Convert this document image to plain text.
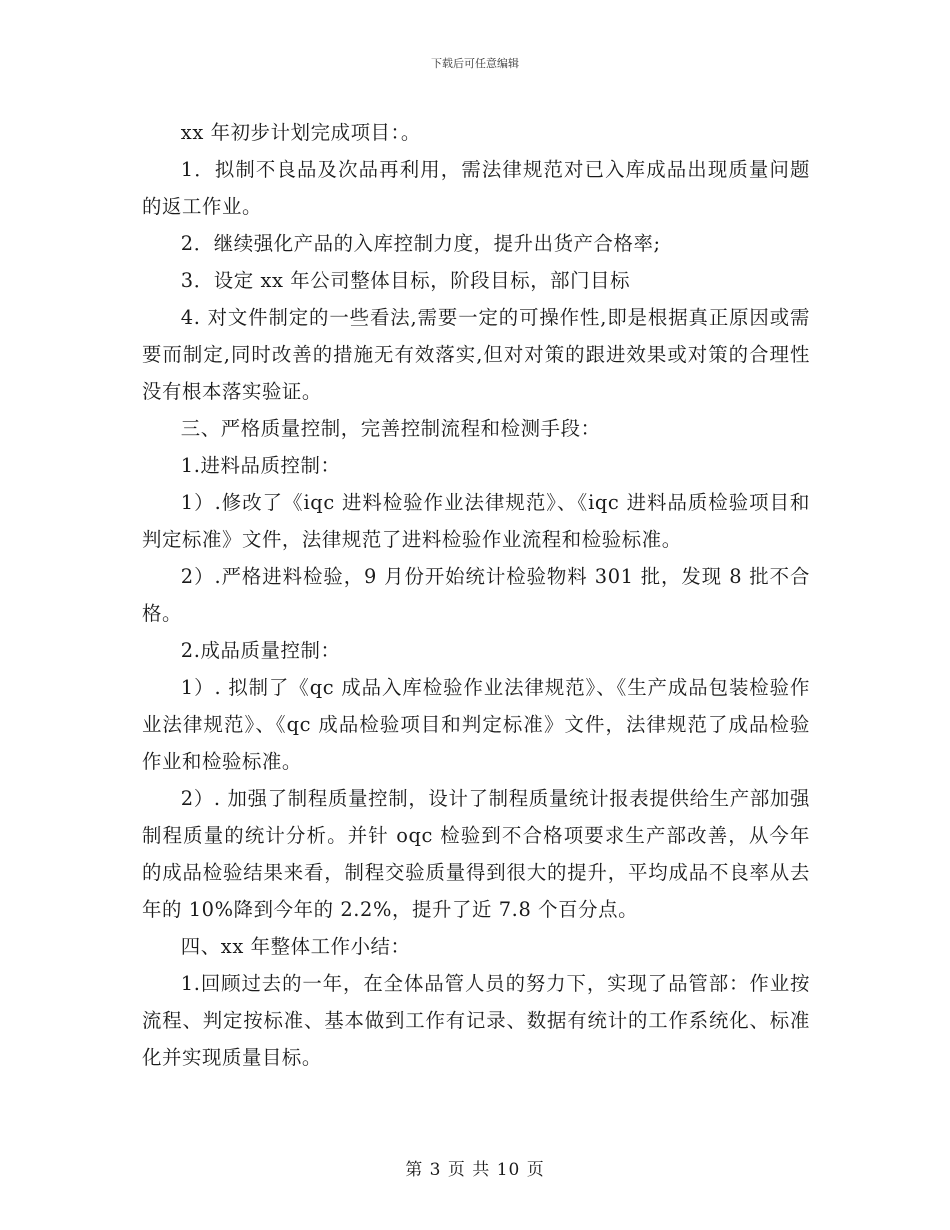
下载后可任意编辑

xx 年初步计划完成项目：。

1．拟制不良品及次品再利用，需法律规范对已入库成品出现质量问题的返工作业。

2．继续强化产品的入库控制力度，提升出货产合格率;

3．设定 xx 年公司整体目标，阶段目标，部门目标

4. 对文件制定的一些看法,需要一定的可操作性,即是根据真正原因或需要而制定,同时改善的措施无有效落实,但对对策的跟进效果或对策的合理性没有根本落实验证。

三、严格质量控制，完善控制流程和检测手段：

1.进料品质控制：

1）.修改了《iqc 进料检验作业法律规范》、《iqc 进料品质检验项目和判定标准》文件，法律规范了进料检验作业流程和检验标准。

2）.严格进料检验，9 月份开始统计检验物料 301 批，发现 8 批不合格。

2.成品质量控制：

1）. 拟制了《qc 成品入库检验作业法律规范》、《生产成品包装检验作业法律规范》、《qc 成品检验项目和判定标准》文件，法律规范了成品检验作业和检验标准。

2）. 加强了制程质量控制，设计了制程质量统计报表提供给生产部加强制程质量的统计分析。并针 oqc 检验到不合格项要求生产部改善，从今年的成品检验结果来看，制程交验质量得到很大的提升，平均成品不良率从去年的 10%降到今年的 2.2%，提升了近 7.8 个百分点。

四、xx 年整体工作小结：

1.回顾过去的一年，在全体品管人员的努力下，实现了品管部：作业按流程、判定按标准、基本做到工作有记录、数据有统计的工作系统化、标准化并实现质量目标。

第 3 页 共 10 页
